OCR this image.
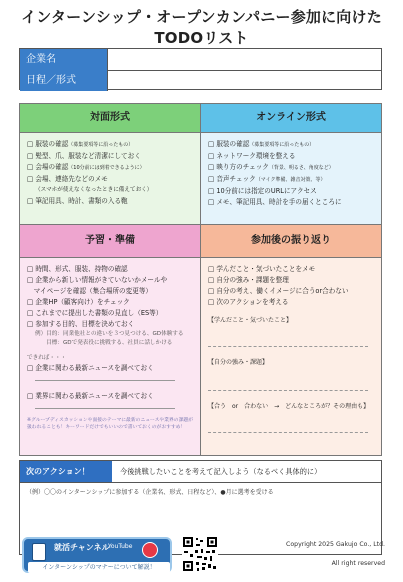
インターンシップ・オープンカンパニー参加に向けたTODOリスト
企業名
日程／形式
対面形式
□ 服装の確認（募集要項等に沿ったもの）
□ 髪型、爪、服装など清潔にしておく
□ 会場の確認（10分前には到着できるように）
□ 会場、連絡先などのメモ
（スマホが使えなくなったときに備えておく）
□ 筆記用具、時計、書類の入る鞄
オンライン形式
□ 服装の確認（募集要項等に沿ったもの）
□ ネットワーク環境を整える
□ 映り方のチェック（背景、明るさ、角度など）
□ 音声チェック（マイク準備、雑音対策、等）
□ 10分前には指定のURLにアクセス
□ メモ、筆記用具、時計を手の届くところに
予習・準備
□ 時間、形式、服装、持物の確認
□ 企業から新しい情報がきていないかメールや
　マイページを確認（集合場所の変更等）
□ 企業HP（顧客向け）をチェック
□ これまでに提出した書類の見直し（ES等）
□ 参加する目的、目標を決めておく
例）目的：同業他社との違いを３つ見つける、GD体験する
　　目標：GDで発表役に挑戦する、社員に話しかける
できれば・・・
□ 企業に関わる最新ニュースを調べておく
□ 業界に関わる最新ニュースを調べておく
※グループディスカッションや面接のテーマに最新のニュースや業界の課題が
扱われることも！キーワードだけでもいいので書いておくのがおすすめ！
参加後の振り返り
□ 学んだこと・気づいたことをメモ
□ 自分の強み・課題を整理
□ 自分の考え、働くイメージに合うor合わない
□ 次のアクションを考える
【学んだこと・気づいたこと】
【自分の強み・課題】
【合う　or　合わない　→　どんなところが？その理由も】
次のアクション！	今後挑戦したいことを考えて記入しよう（なるべく具体的に）
（例）〇〇のインターンシップに参加する（企業名、形式、日程など）、●月に選考を受ける
就活チャンネル
YouTube
インターンシップのマナーについて解説！
Copyright 2025 Gakujo Co., Ltd.
All right reserved
